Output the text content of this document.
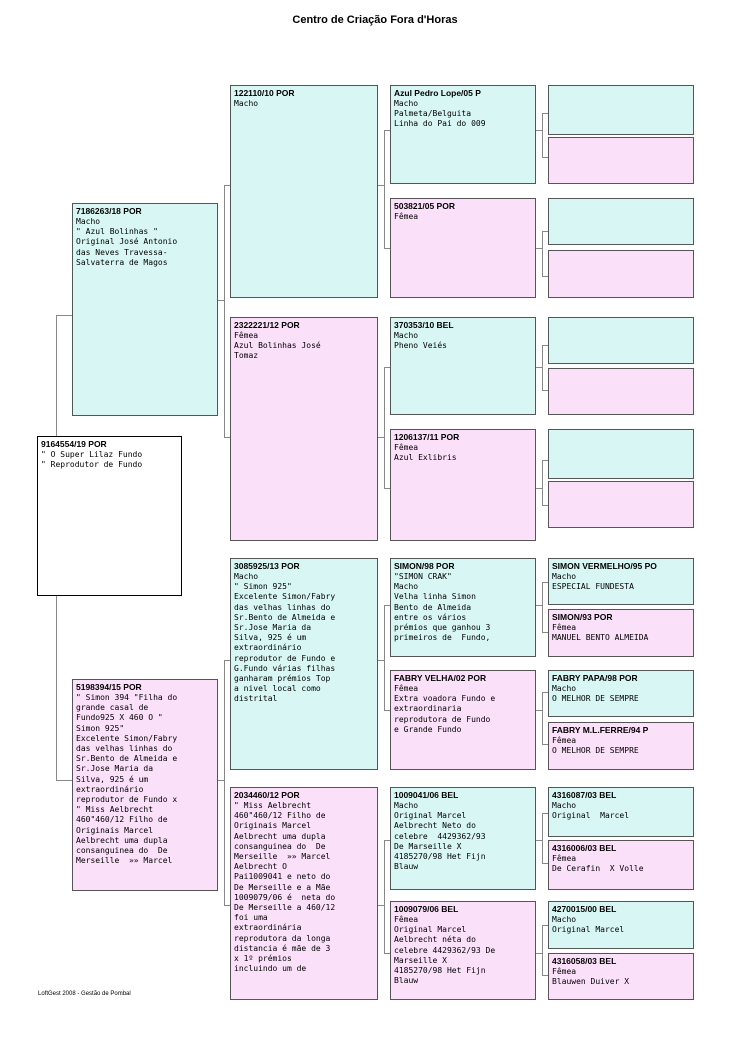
Centro de Criação Fora d'Horas
9164554/19 POR
" O Super Lilaz Fundo
" Reprodutor de Fundo
7186263/18 POR
Macho
" Azul Bolinhas "
Original José Antonio
das Neves Travessa-
Salvaterra de Magos
5198394/15 POR
" Simon 394 "Filha do
grande casal de
Fundo925 X 460 O "
Simon 925"
Excelente Simon/Fabry
das velhas linhas do
Sr.Bento de Almeida e
Sr.Jose Maria da
Silva, 925 é um
extraordinário
reprodutor de Fundo x
" Miss Aelbrecht
460"460/12 Filho de
Originais Marcel
Aelbrecht uma dupla
consanguinea do  De
Merseille  »» Marcel
122110/10 POR
Macho
2322221/12 POR
Fêmea
Azul Bolinhas José
Tomaz
3085925/13 POR
Macho
" Simon 925"
Excelente Simon/Fabry
das velhas linhas do
Sr.Bento de Almeida e
Sr.Jose Maria da
Silva, 925 é um
extraordinário
reprodutor de Fundo e
G.Fundo várias filhas
ganharam prémios Top
a nivel local como
distrital
2034460/12 POR
" Miss Aelbrecht
460"460/12 Filho de
Originais Marcel
Aelbrecht uma dupla
consanguinea do  De
Merseille  »» Marcel
Aelbrecht O
Pai1009041 e neto do
De Merseille e a Mãe
1009079/06 é  neta do
De Merseille a 460/12
foi uma
extraordinária
reprodutora da longa
distancia é mãe de 3
x 1º prémios
incluindo um de
Azul Pedro Lope/05 P
Macho
Palmeta/Belguita
Linha do Pai do 009
503821/05 POR
Fêmea
370353/10 BEL
Macho
Pheno Veiés
1206137/11 POR
Fêmea
Azul Exlibris
SIMON/98 POR
"SIMON CRAK"
Macho
Velha linha Simon
Bento de Almeida
entre os vários
prémios que ganhou 3
primeiros de  Fundo,
FABRY VELHA/02 POR
Fêmea
Extra voadora Fundo e
extraordinaria
reprodutora de Fundo
e Grande Fundo
1009041/06 BEL
Macho
Original Marcel
Aelbrecht Neto do
celebre  4429362/93
De Marseille X
4185270/98 Het Fijn
Blauw
1009079/06 BEL
Fêmea
Original Marcel
Aelbrecht néta do
celebre 4429362/93 De
Marseille X
4185270/98 Het Fijn
Blauw
SIMON VERMELHO/95 PO
Macho
ESPECIAL FUNDESTA
SIMON/93 POR
Fêmea
MANUEL BENTO ALMEIDA
FABRY PAPA/98 POR
Macho
O MELHOR DE SEMPRE
FABRY M.L.FERRE/94 P
Fêmea
O MELHOR DE SEMPRE
4316087/03 BEL
Macho
Original  Marcel
4316006/03 BEL
Fêmea
De Cerafin  X Volle
4270015/00 BEL
Macho
Original Marcel
4316058/03 BEL
Fêmea
Blauwen Duiver X
LoftGest 2008 - Gestão de Pombal
